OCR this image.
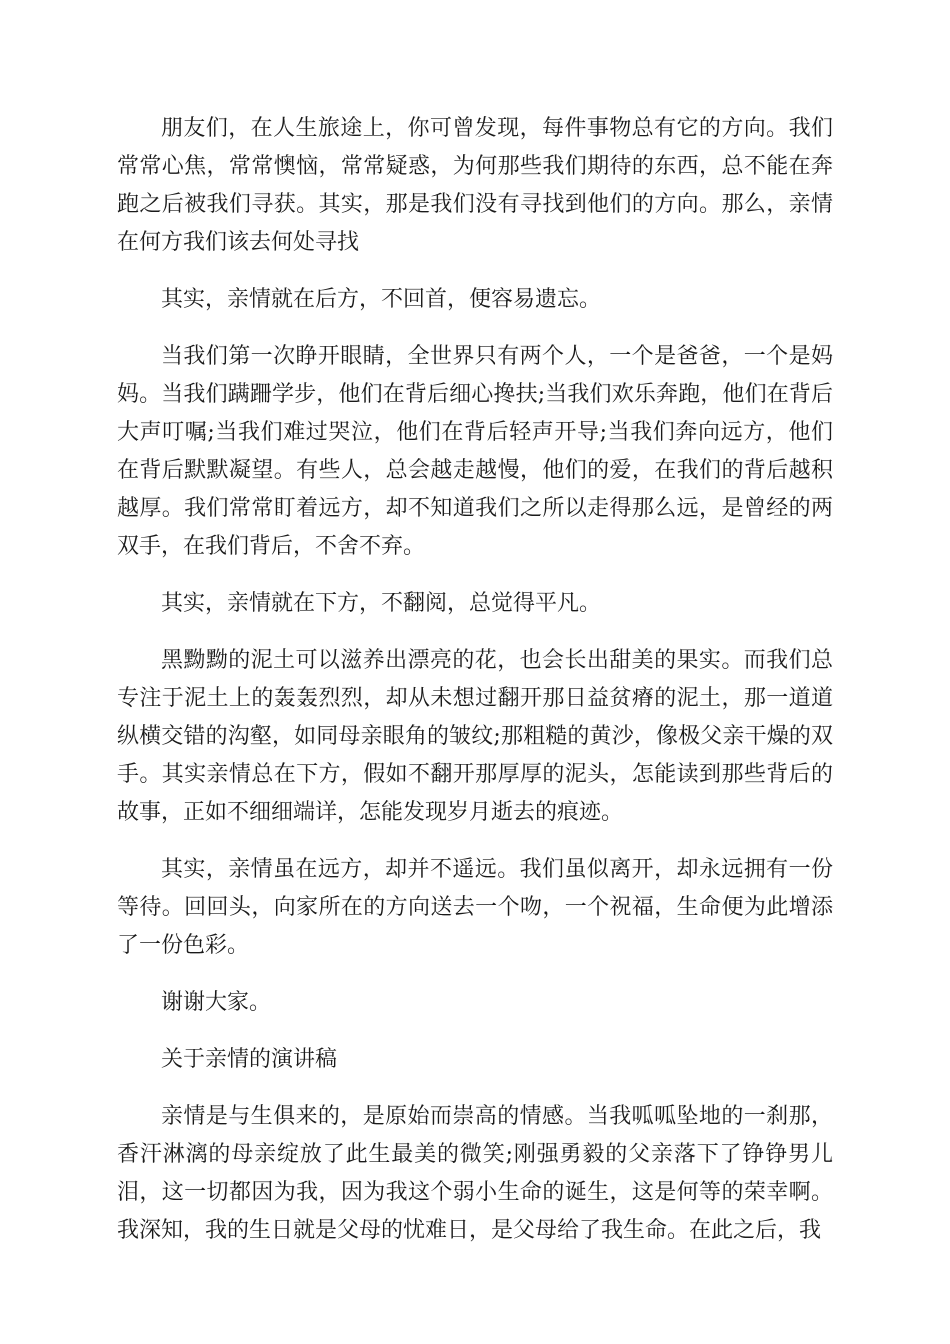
朋友们，在人生旅途上，你可曾发现，每件事物总有它的方向。我们常常心焦，常常懊恼，常常疑惑，为何那些我们期待的东西，总不能在奔跑之后被我们寻获。其实，那是我们没有寻找到他们的方向。那么，亲情在何方我们该去何处寻找

其实，亲情就在后方，不回首，便容易遗忘。

当我们第一次睁开眼睛，全世界只有两个人，一个是爸爸，一个是妈妈。当我们蹒跚学步，他们在背后细心搀扶;当我们欢乐奔跑，他们在背后大声叮嘱;当我们难过哭泣，他们在背后轻声开导;当我们奔向远方，他们在背后默默凝望。有些人，总会越走越慢，他们的爱，在我们的背后越积越厚。我们常常盯着远方，却不知道我们之所以走得那么远，是曾经的两双手，在我们背后，不舍不弃。

其实，亲情就在下方，不翻阅，总觉得平凡。

黑黝黝的泥土可以滋养出漂亮的花，也会长出甜美的果实。而我们总专注于泥土上的轰轰烈烈，却从未想过翻开那日益贫瘠的泥土，那一道道纵横交错的沟壑，如同母亲眼角的皱纹;那粗糙的黄沙，像极父亲干燥的双手。其实亲情总在下方，假如不翻开那厚厚的泥头，怎能读到那些背后的故事，正如不细细端详，怎能发现岁月逝去的痕迹。

其实，亲情虽在远方，却并不遥远。我们虽似离开，却永远拥有一份等待。回回头，向家所在的方向送去一个吻，一个祝福，生命便为此增添了一份色彩。

谢谢大家。

关于亲情的演讲稿

亲情是与生俱来的，是原始而崇高的情感。当我呱呱坠地的一刹那，香汗淋漓的母亲绽放了此生最美的微笑;刚强勇毅的父亲落下了铮铮男儿泪，这一切都因为我，因为我这个弱小生命的诞生，这是何等的荣幸啊。我深知，我的生日就是父母的忧难日，是父母给了我生命。在此之后，我
